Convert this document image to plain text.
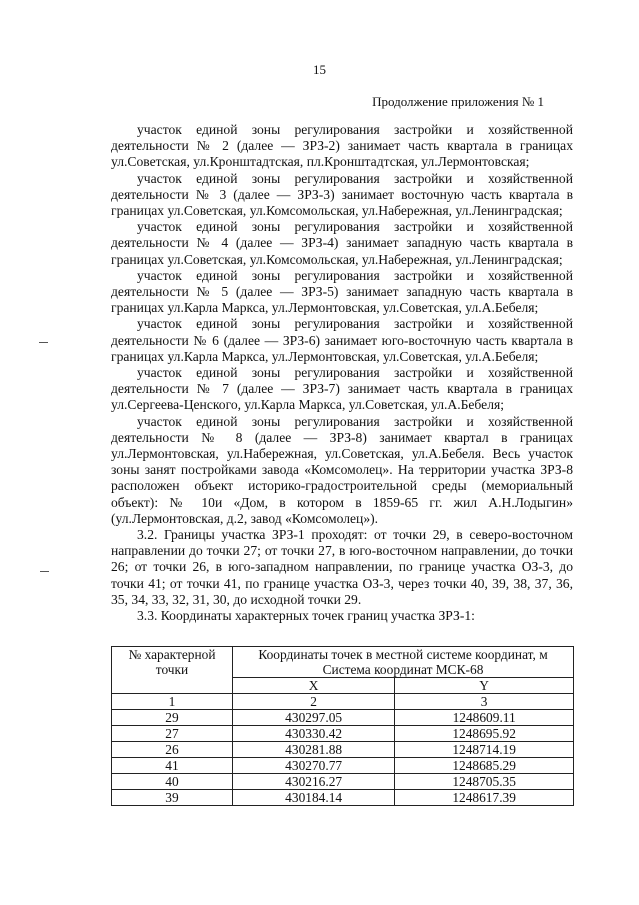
15
Продолжение приложения № 1

участок единой зоны регулирования застройки и хозяйственной деятельности № 2 (далее — ЗРЗ-2) занимает часть квартала в границах ул.Советская, ул.Кронштадтская, пл.Кронштадтская, ул.Лермонтовская;

участок единой зоны регулирования застройки и хозяйственной деятельности № 3 (далее — ЗРЗ-3) занимает восточную часть квартала в границах ул.Советская, ул.Комсомольская, ул.Набережная, ул.Ленинградская;

участок единой зоны регулирования застройки и хозяйственной деятельности № 4 (далее — ЗРЗ-4) занимает западную часть квартала в границах ул.Советская, ул.Комсомольская, ул.Набережная, ул.Ленинградская;

участок единой зоны регулирования застройки и хозяйственной деятельности № 5 (далее — ЗРЗ-5) занимает западную часть квартала в границах ул.Карла Маркса, ул.Лермонтовская, ул.Советская, ул.А.Бебеля;

участок единой зоны регулирования застройки и хозяйственной деятельности № 6 (далее — ЗРЗ-6) занимает юго-восточную часть квартала в границах ул.Карла Маркса, ул.Лермонтовская, ул.Советская, ул.А.Бебеля;

участок единой зоны регулирования застройки и хозяйственной деятельности № 7 (далее — ЗРЗ-7) занимает часть квартала в границах ул.Сергеева-Ценского, ул.Карла Маркса, ул.Советская, ул.А.Бебеля;

участок единой зоны регулирования застройки и хозяйственной деятельности № 8 (далее — ЗРЗ-8) занимает квартал в границах ул.Лермонтовская, ул.Набережная, ул.Советская, ул.А.Бебеля. Весь участок зоны занят постройками завода «Комсомолец». На территории участка ЗРЗ-8 расположен объект историко-градостроительной среды (мемориальный объект): № 10и «Дом, в котором в 1859-65 гг. жил А.Н.Лодыгин» (ул.Лермонтовская, д.2, завод «Комсомолец»).

3.2. Границы участка ЗРЗ-1 проходят: от точки 29, в северо-восточном направлении до точки 27; от точки 27, в юго-восточном направлении, до точки 26; от точки 26, в юго-западном направлении, по границе участка ОЗ-3, до точки 41; от точки 41, по границе участка ОЗ-3, через точки 40, 39, 38, 37, 36, 35, 34, 33, 32, 31, 30, до исходной точки 29.

3.3. Координаты характерных точек границ участка ЗРЗ-1:

№ характерной точки	Координаты точек в местной системе координат, м Система координат МСК-68	
	X	Y
1	2	3
29	430297.05	1248609.11
27	430330.42	1248695.92
26	430281.88	1248714.19
41	430270.77	1248685.29
40	430216.27	1248705.35
39	430184.14	1248617.39
